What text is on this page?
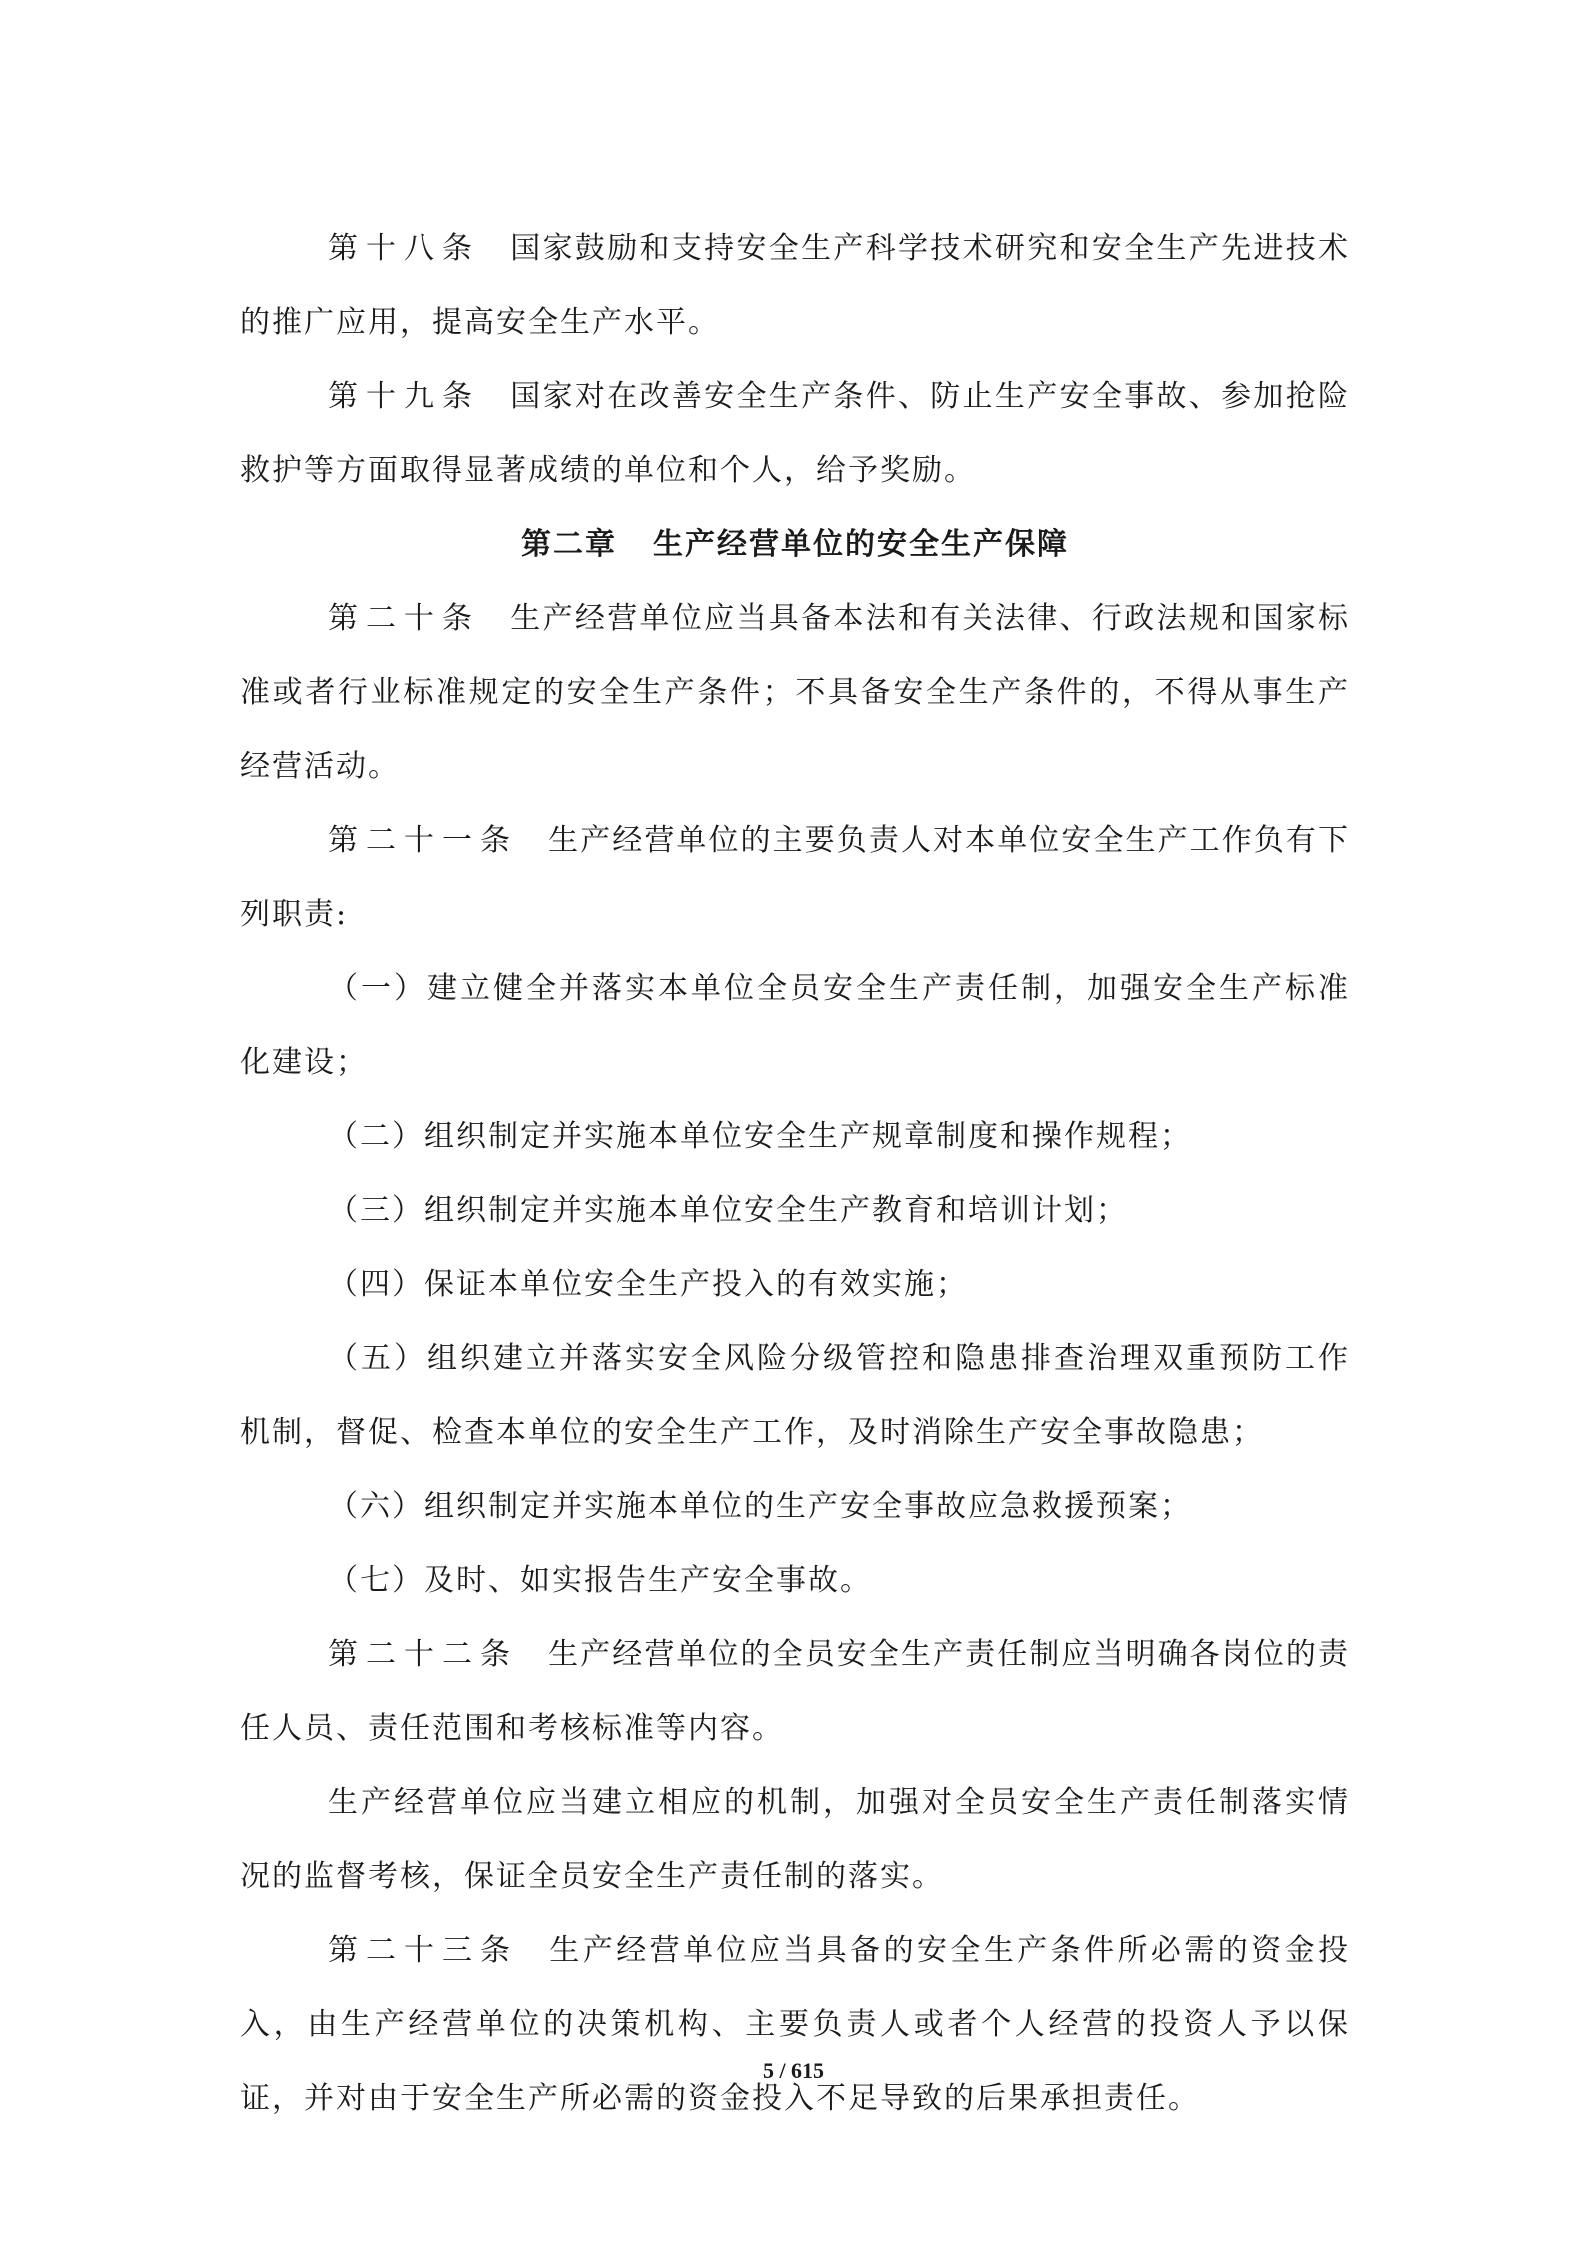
第十八条 国家鼓励和支持安全生产科学技术研究和安全生产先进技术的推广应用，提高安全生产水平。

第十九条 国家对在改善安全生产条件、防止生产安全事故、参加抢险救护等方面取得显著成绩的单位和个人，给予奖励。

第二章 生产经营单位的安全生产保障

第二十条 生产经营单位应当具备本法和有关法律、行政法规和国家标准或者行业标准规定的安全生产条件；不具备安全生产条件的，不得从事生产经营活动。

第二十一条 生产经营单位的主要负责人对本单位安全生产工作负有下列职责:

（一）建立健全并落实本单位全员安全生产责任制，加强安全生产标准化建设；

（二）组织制定并实施本单位安全生产规章制度和操作规程；

（三）组织制定并实施本单位安全生产教育和培训计划；

（四）保证本单位安全生产投入的有效实施；

（五）组织建立并落实安全风险分级管控和隐患排查治理双重预防工作机制，督促、检查本单位的安全生产工作，及时消除生产安全事故隐患；

（六）组织制定并实施本单位的生产安全事故应急救援预案；

（七）及时、如实报告生产安全事故。

第二十二条 生产经营单位的全员安全生产责任制应当明确各岗位的责任人员、责任范围和考核标准等内容。

生产经营单位应当建立相应的机制，加强对全员安全生产责任制落实情况的监督考核，保证全员安全生产责任制的落实。

第二十三条 生产经营单位应当具备的安全生产条件所必需的资金投入，由生产经营单位的决策机构、主要负责人或者个人经营的投资人予以保证，并对由于安全生产所必需的资金投入不足导致的后果承担责任。

5 / 615
